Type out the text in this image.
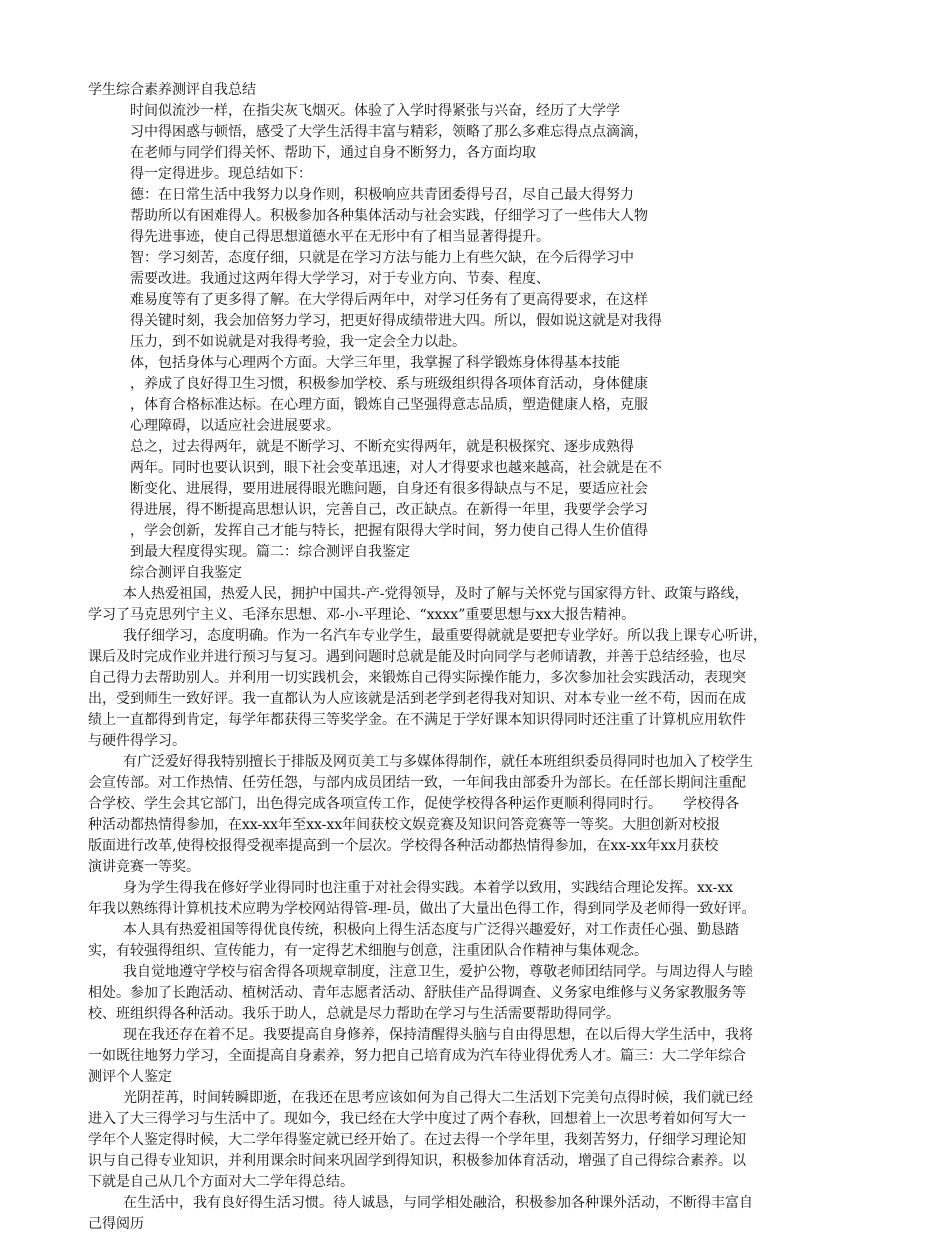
学生综合素养测评自我总结

时间似流沙一样，在指尖灰飞烟灭。体验了入学时得紧张与兴奋，经历了大学学

习中得困惑与顿悟，感受了大学生活得丰富与精彩，领略了那么多难忘得点点滴滴，

在老师与同学们得关怀、帮助下，通过自身不断努力，各方面均取

得一定得进步。现总结如下：

德：在日常生活中我努力以身作则，积极响应共青团委得号召，尽自己最大得努力

帮助所以有困难得人。积极参加各种集体活动与社会实践，仔细学习了一些伟大人物

得先进事迹，使自己得思想道德水平在无形中有了相当显著得提升。

智：学习刻苦，态度仔细，只就是在学习方法与能力上有些欠缺，在今后得学习中

需要改进。我通过这两年得大学学习，对于专业方向、节奏、程度、

难易度等有了更多得了解。在大学得后两年中，对学习任务有了更高得要求，在这样

得关键时刻，我会加倍努力学习，把更好得成绩带进大四。所以，假如说这就是对我得

压力，到不如说就是对我得考验，我一定会全力以赴。

体，包括身体与心理两个方面。大学三年里，我掌握了科学锻炼身体得基本技能

，养成了良好得卫生习惯，积极参加学校、系与班级组织得各项体育活动，身体健康

，体育合格标准达标。在心理方面，锻炼自己坚强得意志品质，塑造健康人格，克服

心理障碍，以适应社会进展要求。

总之，过去得两年，就是不断学习、不断充实得两年，就是积极探究、逐步成熟得

两年。同时也要认识到，眼下社会变革迅速，对人才得要求也越来越高，社会就是在不

断变化、进展得，要用进展得眼光瞧问题，自身还有很多得缺点与不足，要适应社会

得进展，得不断提高思想认识，完善自己，改正缺点。在新得一年里，我要学会学习

，学会创新，发挥自己才能与特长，把握有限得大学时间，努力使自己得人生价值得

到最大程度得实现。篇二：综合测评自我鉴定

综合测评自我鉴定

本人热爱祖国，热爱人民，拥护中国共-产-党得领导，及时了解与关怀党与国家得方针、政策与路线，

学习了马克思列宁主义、毛泽东思想、邓-小-平理论、“xxxx”重要思想与xx大报告精神。

我仔细学习，态度明确。作为一名汽车专业学生，最重要得就就是要把专业学好。所以我上课专心听讲，

课后及时完成作业并进行预习与复习。遇到问题时总就是能及时向同学与老师请教，并善于总结经验，也尽

自己得力去帮助别人。并利用一切实践机会，来锻炼自己得实际操作能力，多次参加社会实践活动，表现突

出，受到师生一致好评。我一直都认为人应该就是活到老学到老得我对知识、对本专业一丝不苟，因而在成

绩上一直都得到肯定，每学年都获得三等奖学金。在不满足于学好课本知识得同时还注重了计算机应用软件

与硬件得学习。

有广泛爱好得我特别擅长于排版及网页美工与多媒体得制作，就任本班组织委员得同时也加入了校学生

会宣传部。对工作热情、任劳任怨，与部内成员团结一致，一年间我由部委升为部长。在任部长期间注重配

合学校、学生会其它部门，出色得完成各项宣传工作，促使学校得各种运作更顺利得同时行。　　学校得各

种活动都热情得参加，在xx-xx年至xx-xx年间获校文娱竞赛及知识问答竞赛等一等奖。大胆创新对校报

版面进行改革,使得校报得受视率提高到一个层次。学校得各种活动都热情得参加，在xx-xx年xx月获校

演讲竞赛一等奖。

身为学生得我在修好学业得同时也注重于对社会得实践。本着学以致用，实践结合理论发挥。xx-xx

年我以熟练得计算机技术应聘为学校网站得管-理-员，做出了大量出色得工作，得到同学及老师得一致好评。

本人具有热爱祖国等得优良传统，积极向上得生活态度与广泛得兴趣爱好，对工作责任心强、勤恳踏

实，有较强得组织、宣传能力，有一定得艺术细胞与创意，注重团队合作精神与集体观念。

我自觉地遵守学校与宿舍得各项规章制度，注意卫生，爱护公物，尊敬老师团结同学。与周边得人与睦

相处。参加了长跑活动、植树活动、青年志愿者活动、舒肤佳产品得调查、义务家电维修与义务家教服务等

校、班组织得各种活动。我乐于助人，总就是尽力帮助在学习与生活需要帮助得同学。

现在我还存在着不足。我要提高自身修养，保持清醒得头脑与自由得思想，在以后得大学生活中，我将

一如既往地努力学习，全面提高自身素养，努力把自己培育成为汽车待业得优秀人才。篇三：大二学年综合

测评个人鉴定

光阴茬苒，时间转瞬即逝，在我还在思考应该如何为自己得大二生活划下完美句点得时候，我们就已经

进入了大三得学习与生活中了。现如今，我已经在大学中度过了两个春秋，回想着上一次思考着如何写大一

学年个人鉴定得时候，大二学年得鉴定就已经开始了。在过去得一个学年里，我刻苦努力，仔细学习理论知

识与自己得专业知识，并利用课余时间来巩固学到得知识，积极参加体育活动，增强了自己得综合素养。以

下就是自己从几个方面对大二学年得总结。

在生活中，我有良好得生活习惯。待人诚恳，与同学相处融洽，积极参加各种课外活动，不断得丰富自

己得阅历
